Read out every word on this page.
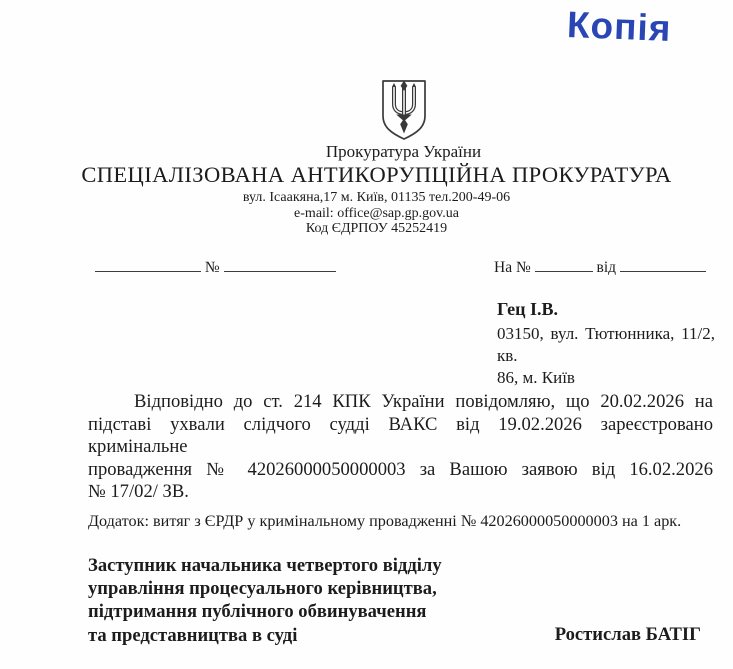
Копія
Прокуратура України
СПЕЦІАЛІЗОВАНА АНТИКОРУПЦІЙНА ПРОКУРАТУРА
вул. Ісаакяна,17 м. Київ, 01135 тел.200-49-06
e-mail: office@sap.gp.gov.ua
Код ЄДРПОУ 45252419
№	На №	від
Гец І.В.
03150, вул. Тютюнника, 11/2, кв.
86, м. Київ
Відповідно до ст. 214 КПК України повідомляю, що 20.02.2026 на
підставі ухвали слідчого судді ВАКС від 19.02.2026 зареєстровано кримінальне
провадження № 42026000050000003 за Вашою заявою від 16.02.2026
№ 17/02/ ЗВ.
Додаток: витяг з ЄРДР у кримінальному провадженні № 42026000050000003 на 1 арк.
Заступник начальника четвертого відділу
управління процесуального керівництва,
підтримання публічного обвинувачення
та представництва в суді	Ростислав БАТІГ
